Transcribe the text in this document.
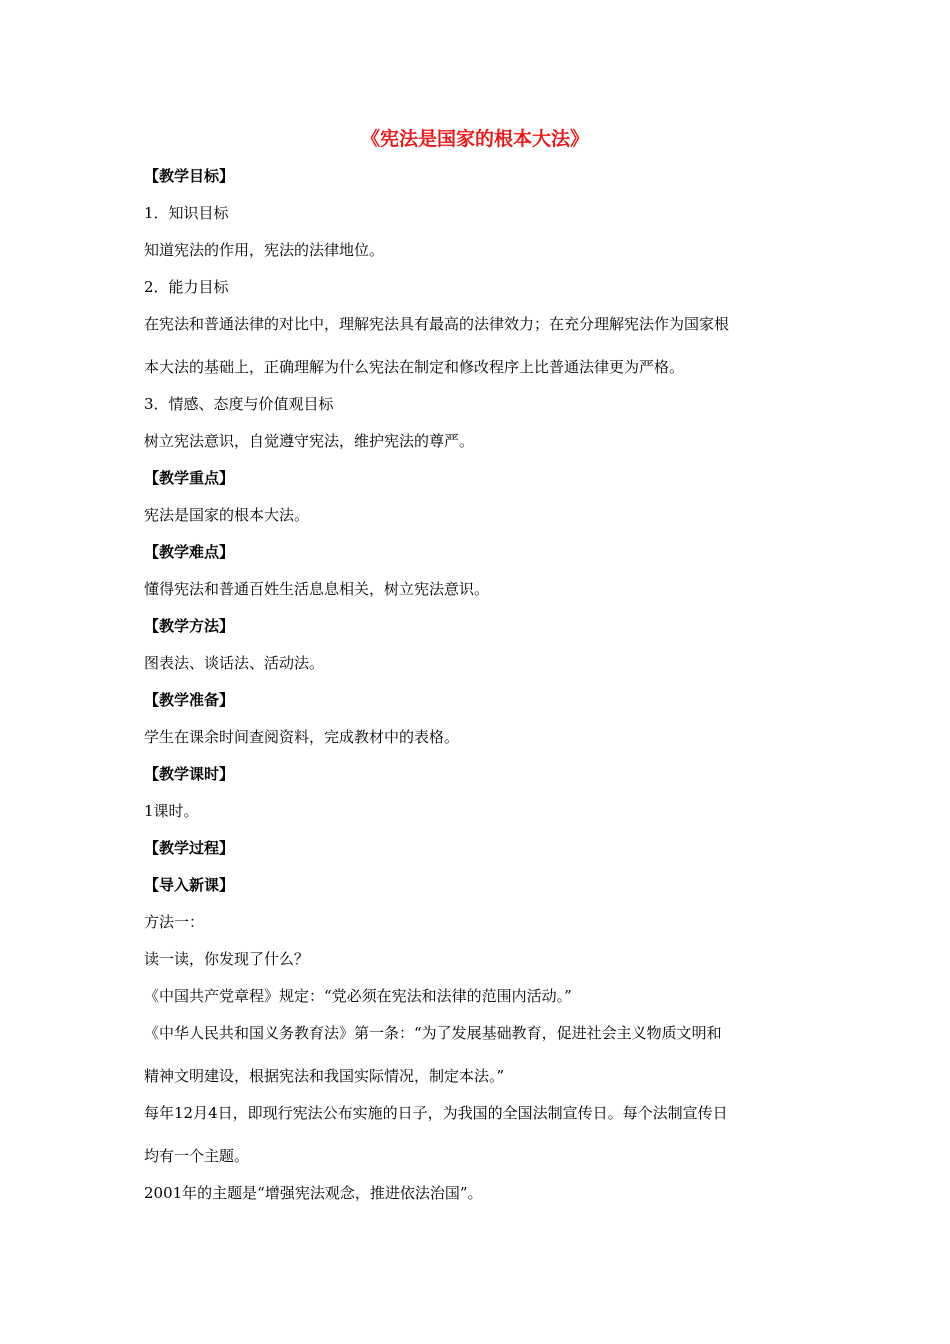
《宪法是国家的根本大法》
【教学目标】
1．知识目标
知道宪法的作用，宪法的法律地位。
2．能力目标
在宪法和普通法律的对比中，理解宪法具有最高的法律效力；在充分理解宪法作为国家根
本大法的基础上，正确理解为什么宪法在制定和修改程序上比普通法律更为严格。
3．情感、态度与价值观目标
树立宪法意识，自觉遵守宪法，维护宪法的尊严。
【教学重点】
宪法是国家的根本大法。
【教学难点】
懂得宪法和普通百姓生活息息相关，树立宪法意识。
【教学方法】
图表法、谈话法、活动法。
【教学准备】
学生在课余时间查阅资料，完成教材中的表格。
【教学课时】
1课时。
【教学过程】
【导入新课】
方法一：
读一读，你发现了什么？
《中国共产党章程》规定：“党必须在宪法和法律的范围内活动。”
《中华人民共和国义务教育法》第一条：“为了发展基础教育，促进社会主义物质文明和
精神文明建设，根据宪法和我国实际情况，制定本法。”
每年12月4日，即现行宪法公布实施的日子，为我国的全国法制宣传日。每个法制宣传日
均有一个主题。
2001年的主题是“增强宪法观念，推进依法治国”。
